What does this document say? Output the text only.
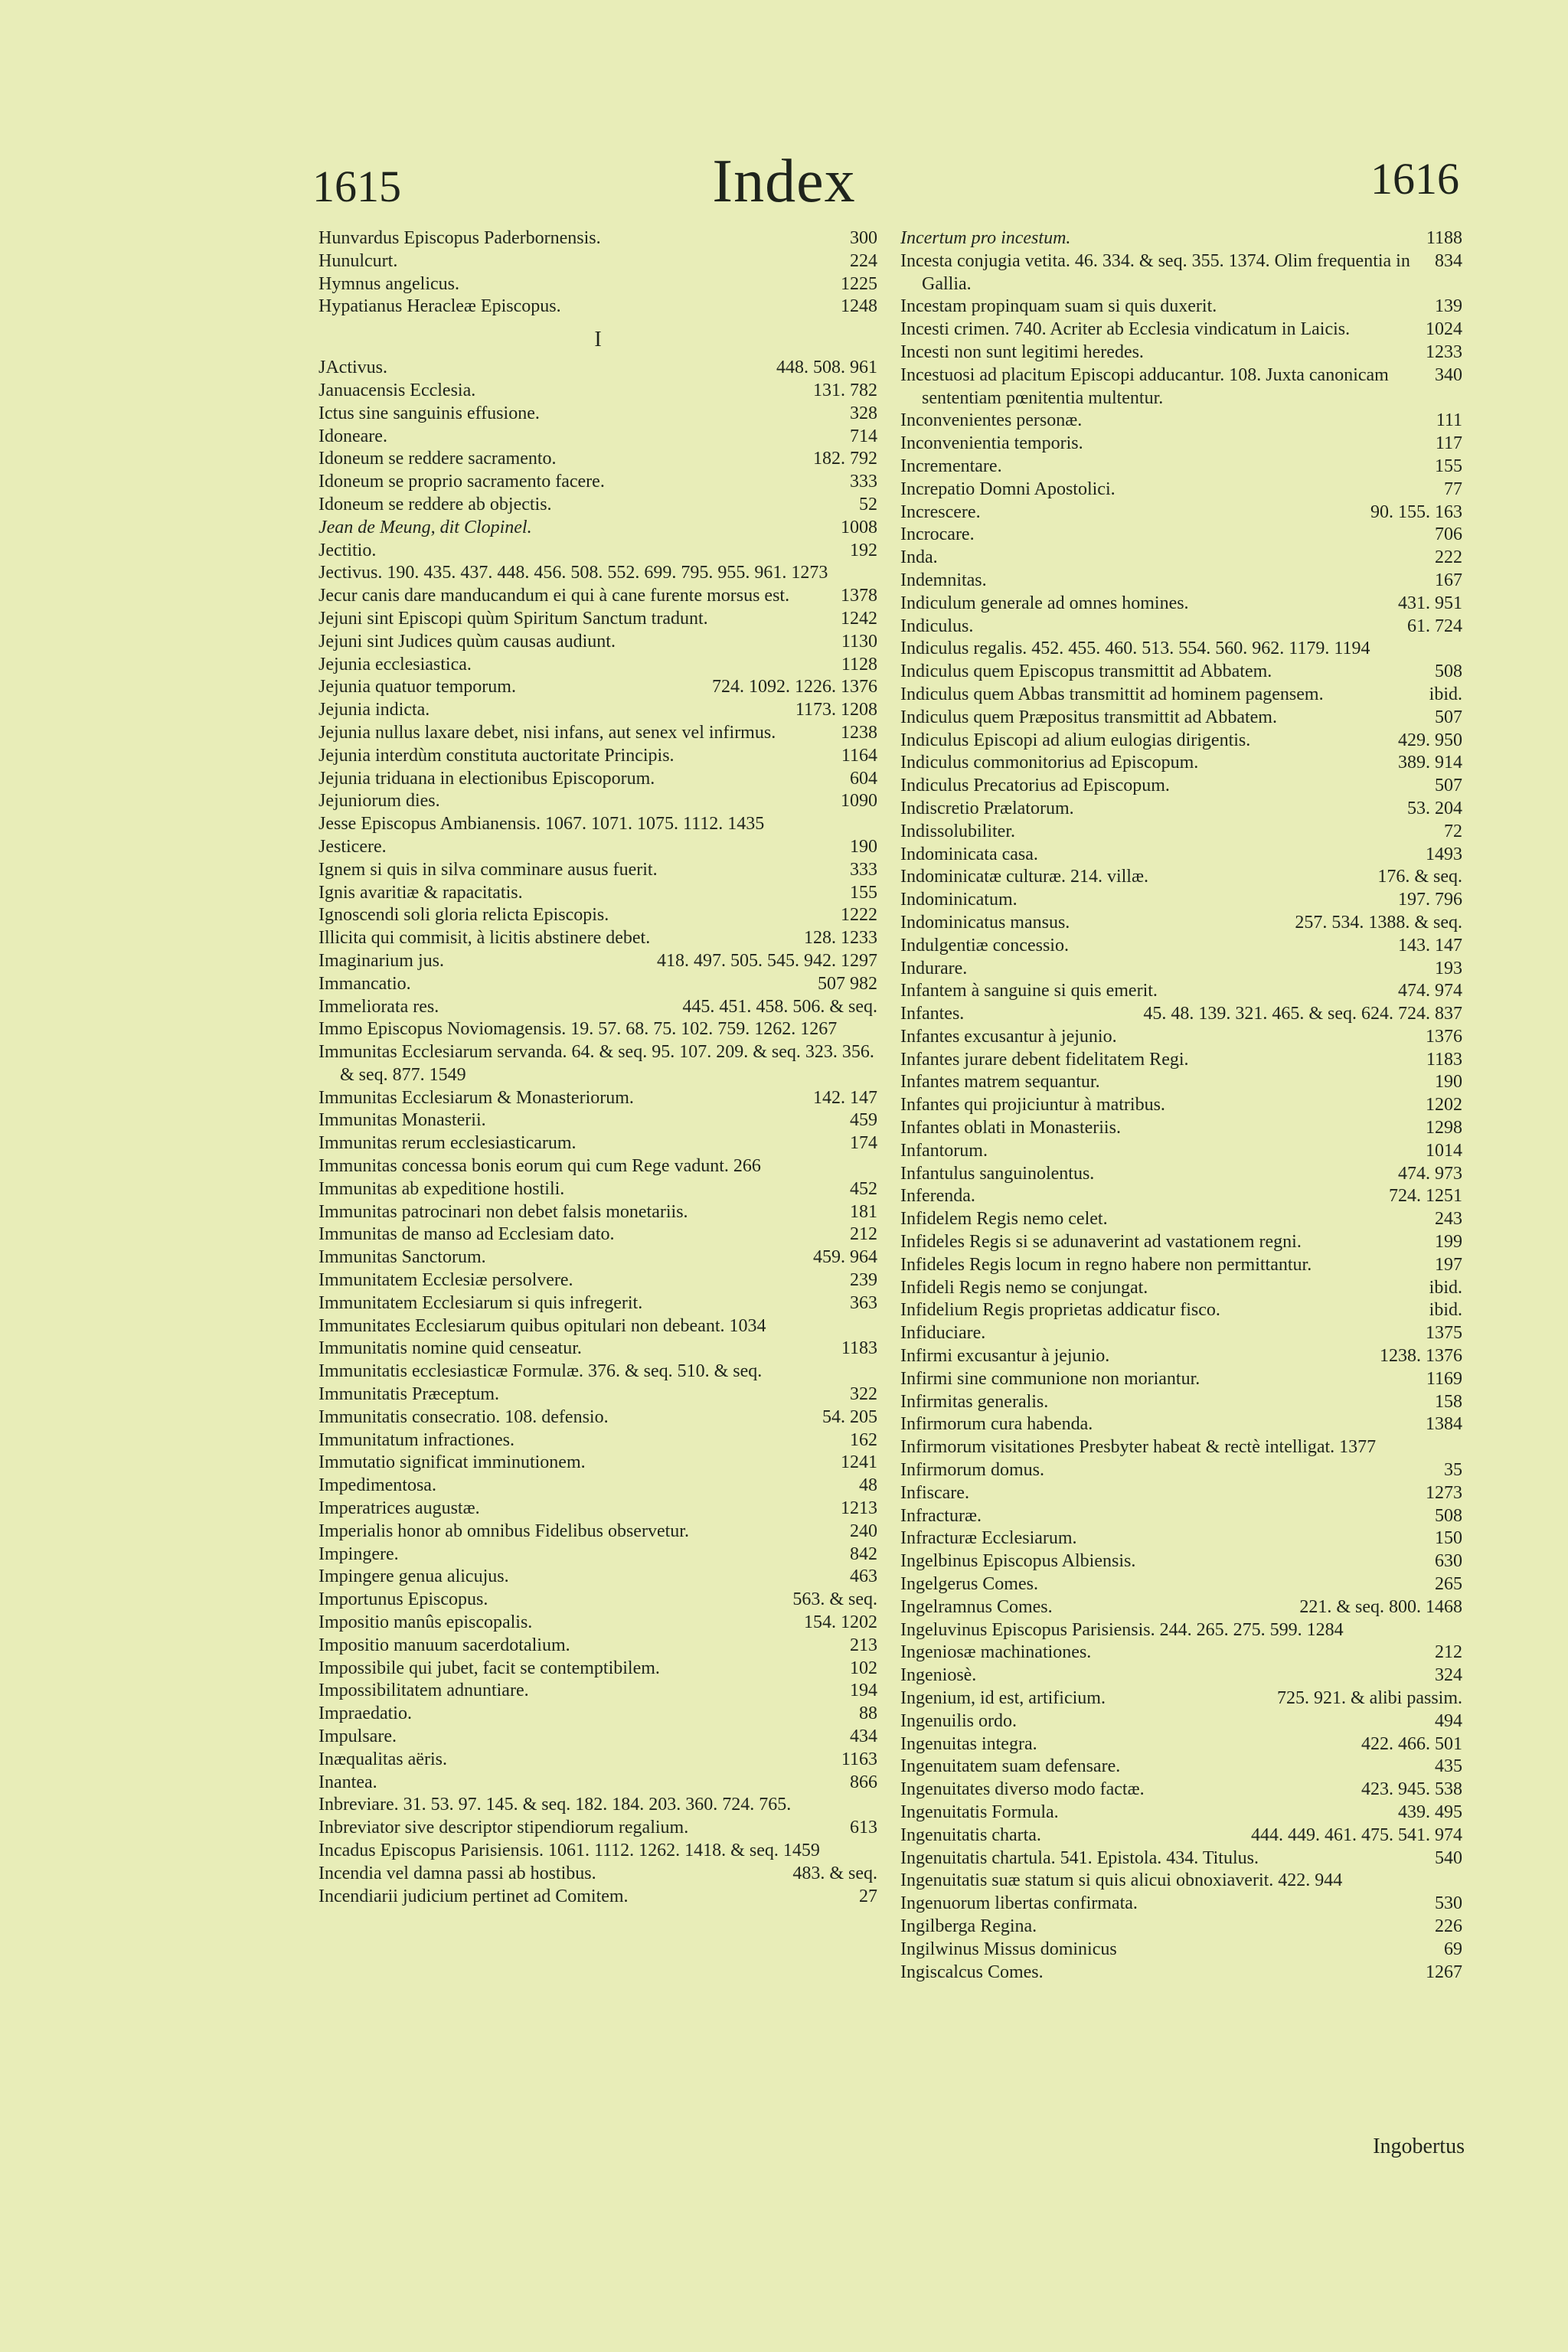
1615	Index	1616
300
Hunvardus Episcopus Paderbornensis.
224
Hunulcurt.
1225
Hymnus angelicus.
1248
Hypatianus Heracleæ Episcopus.
I
448. 508. 961
JActivus.
131. 782
Januacensis Ecclesia.
328
Ictus sine sanguinis effusione.
714
Idoneare.
182. 792
Idoneum se reddere sacramento.
333
Idoneum se proprio sacramento facere.
52
Idoneum se reddere ab objectis.
1008
Jean de Meung, dit Clopinel.
192
Jectitio.
Jectivus. 190. 435. 437. 448. 456. 508. 552. 699. 795. 955. 961. 1273
1378
Jecur canis dare manducandum ei qui à cane furente morsus est.
1242
Jejuni sint Episcopi quùm Spiritum Sanctum tradunt.
1130
Jejuni sint Judices quùm causas audiunt.
1128
Jejunia ecclesiastica.
724. 1092. 1226. 1376
Jejunia quatuor temporum.
1173. 1208
Jejunia indicta.
1238
Jejunia nullus laxare debet, nisi infans, aut senex vel infirmus.
1164
Jejunia interdùm constituta auctoritate Principis.
604
Jejunia triduana in electionibus Episcoporum.
1090
Jejuniorum dies.
Jesse Episcopus Ambianensis. 1067. 1071. 1075. 1112. 1435
190
Jesticere.
333
Ignem si quis in silva comminare ausus fuerit.
155
Ignis avaritiæ & rapacitatis.
1222
Ignoscendi soli gloria relicta Episcopis.
128. 1233
Illicita qui commisit, à licitis abstinere debet.
418. 497. 505. 545. 942. 1297
Imaginarium jus.
507 982
Immancatio.
445. 451. 458. 506. & seq.
Immeliorata res.
Immo Episcopus Noviomagensis. 19. 57. 68. 75. 102. 759. 1262. 1267
Immunitas Ecclesiarum servanda. 64. & seq. 95. 107. 209. & seq. 323. 356. & seq. 877. 1549
142. 147
Immunitas Ecclesiarum & Monasteriorum.
459
Immunitas Monasterii.
174
Immunitas rerum ecclesiasticarum.
Immunitas concessa bonis eorum qui cum Rege vadunt. 266
452
Immunitas ab expeditione hostili.
181
Immunitas patrocinari non debet falsis monetariis.
212
Immunitas de manso ad Ecclesiam dato.
459. 964
Immunitas Sanctorum.
239
Immunitatem Ecclesiæ persolvere.
363
Immunitatem Ecclesiarum si quis infregerit.
Immunitates Ecclesiarum quibus opitulari non debeant. 1034
1183
Immunitatis nomine quid censeatur.
Immunitatis ecclesiasticæ Formulæ. 376. & seq. 510. & seq.
322
Immunitatis Præceptum.
54. 205
Immunitatis consecratio. 108. defensio.
162
Immunitatum infractiones.
1241
Immutatio significat imminutionem.
48
Impedimentosa.
1213
Imperatrices augustæ.
240
Imperialis honor ab omnibus Fidelibus observetur.
842
Impingere.
463
Impingere genua alicujus.
563. & seq.
Importunus Episcopus.
154. 1202
Impositio manûs episcopalis.
213
Impositio manuum sacerdotalium.
102
Impossibile qui jubet, facit se contemptibilem.
194
Impossibilitatem adnuntiare.
88
Impraedatio.
434
Impulsare.
1163
Inæqualitas aëris.
866
Inantea.
Inbreviare. 31. 53. 97. 145. & seq. 182. 184. 203. 360. 724. 765.
613
Inbreviator sive descriptor stipendiorum regalium.
Incadus Episcopus Parisiensis. 1061. 1112. 1262. 1418. & seq. 1459
483. & seq.
Incendia vel damna passi ab hostibus.
27
Incendiarii judicium pertinet ad Comitem.
1188
Incertum pro incestum.
834
Incesta conjugia vetita. 46. 334. & seq. 355. 1374. Olim frequentia in Gallia.
139
Incestam propinquam suam si quis duxerit.
1024
Incesti crimen. 740. Acriter ab Ecclesia vindicatum in Laicis.
1233
Incesti non sunt legitimi heredes.
340
Incestuosi ad placitum Episcopi adducantur. 108. Juxta canonicam sententiam pœnitentia multentur.
111
Inconvenientes personæ.
117
Inconvenientia temporis.
155
Incrementare.
77
Increpatio Domni Apostolici.
90. 155. 163
Increscere.
706
Incrocare.
222
Inda.
167
Indemnitas.
431. 951
Indiculum generale ad omnes homines.
61. 724
Indiculus.
Indiculus regalis. 452. 455. 460. 513. 554. 560. 962. 1179. 1194
508
Indiculus quem Episcopus transmittit ad Abbatem.
ibid.
Indiculus quem Abbas transmittit ad hominem pagensem.
507
Indiculus quem Præpositus transmittit ad Abbatem.
429. 950
Indiculus Episcopi ad alium eulogias dirigentis.
389. 914
Indiculus commonitorius ad Episcopum.
507
Indiculus Precatorius ad Episcopum.
53. 204
Indiscretio Prælatorum.
72
Indissolubiliter.
1493
Indominicata casa.
176. & seq.
Indominicatæ culturæ. 214. villæ.
197. 796
Indominicatum.
257. 534. 1388. & seq.
Indominicatus mansus.
143. 147
Indulgentiæ concessio.
193
Indurare.
474. 974
Infantem à sanguine si quis emerit.
45. 48. 139. 321. 465. & seq. 624. 724. 837
Infantes.
1376
Infantes excusantur à jejunio.
1183
Infantes jurare debent fidelitatem Regi.
190
Infantes matrem sequantur.
1202
Infantes qui projiciuntur à matribus.
1298
Infantes oblati in Monasteriis.
1014
Infantorum.
474. 973
Infantulus sanguinolentus.
724. 1251
Inferenda.
243
Infidelem Regis nemo celet.
199
Infideles Regis si se adunaverint ad vastationem regni.
197
Infideles Regis locum in regno habere non permittantur.
ibid.
Infideli Regis nemo se conjungat.
ibid.
Infidelium Regis proprietas addicatur fisco.
1375
Infiduciare.
1238. 1376
Infirmi excusantur à jejunio.
1169
Infirmi sine communione non moriantur.
158
Infirmitas generalis.
1384
Infirmorum cura habenda.
Infirmorum visitationes Presbyter habeat & rectè intelligat. 1377
35
Infirmorum domus.
1273
Infiscare.
508
Infracturæ.
150
Infracturæ Ecclesiarum.
630
Ingelbinus Episcopus Albiensis.
265
Ingelgerus Comes.
221. & seq. 800. 1468
Ingelramnus Comes.
Ingeluvinus Episcopus Parisiensis. 244. 265. 275. 599. 1284
212
Ingeniosæ machinationes.
324
Ingeniosè.
725. 921. & alibi passim.
Ingenium, id est, artificium.
494
Ingenuilis ordo.
422. 466. 501
Ingenuitas integra.
435
Ingenuitatem suam defensare.
423. 945. 538
Ingenuitates diverso modo factæ.
439. 495
Ingenuitatis Formula.
444. 449. 461. 475. 541. 974
Ingenuitatis charta.
540
Ingenuitatis chartula. 541. Epistola. 434. Titulus.
Ingenuitatis suæ statum si quis alicui obnoxiaverit. 422. 944
530
Ingenuorum libertas confirmata.
226
Ingilberga Regina.
69
Ingilwinus Missus dominicus
1267
Ingiscalcus Comes.
Ingobertus
